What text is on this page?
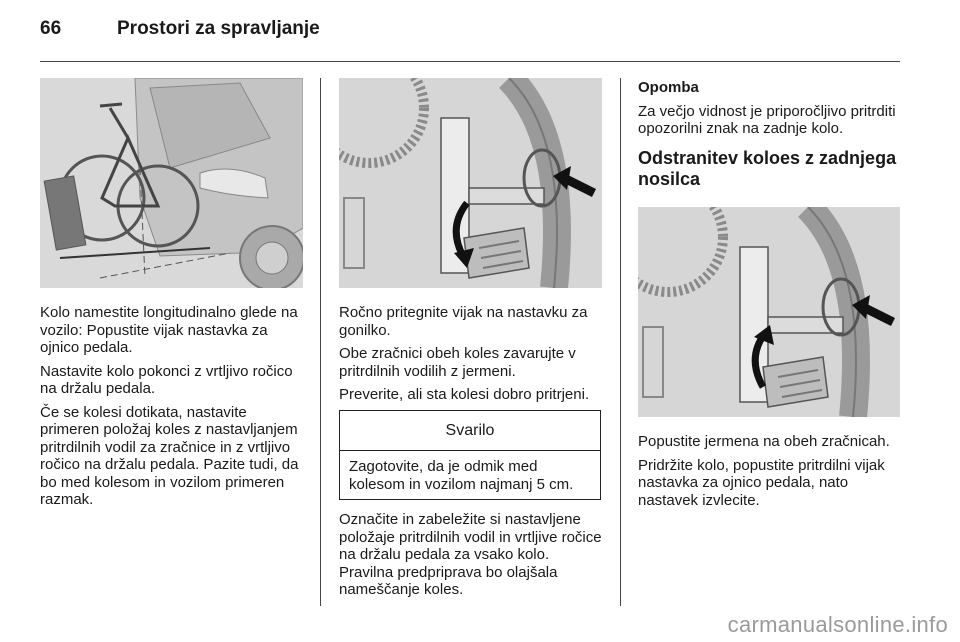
66	Prostori za spravljanje

Kolo namestite longitudinalno glede na vozilo: Popustite vijak nastavka za ojnico pedala.

Nastavite kolo pokonci z vrtljivo ročico na držalu pedala.

Če se kolesi dotikata, nastavite primeren položaj koles z nastavljanjem pritrdilnih vodil za zračnice in z vrtljivo ročico na držalu pedala. Pazite tudi, da bo med kolesom in vozilom primeren razmak.

Ročno pritegnite vijak na nastavku za gonilko.

Obe zračnici obeh koles zavarujte v pritrdilnih vodilih z jermeni.

Preverite, ali sta kolesi dobro pritrjeni.

Svarilo
Zagotovite, da je odmik med kolesom in vozilom najmanj 5 cm.

Označite in zabeležite si nastavljene položaje pritrdilnih vodil in vrtljive ročice na držalu pedala za vsako kolo. Pravilna predpriprava bo olajšala nameščanje koles.

Opomba

Za večjo vidnost je priporočljivo pritrditi opozorilni znak na zadnje kolo.

Odstranitev koloes z zadnjega nosilca

Popustite jermena na obeh zračnicah.

Pridržite kolo, popustite pritrdilni vijak nastavka za ojnico pedala, nato nastavek izvlecite.

carmanualsonline.info
